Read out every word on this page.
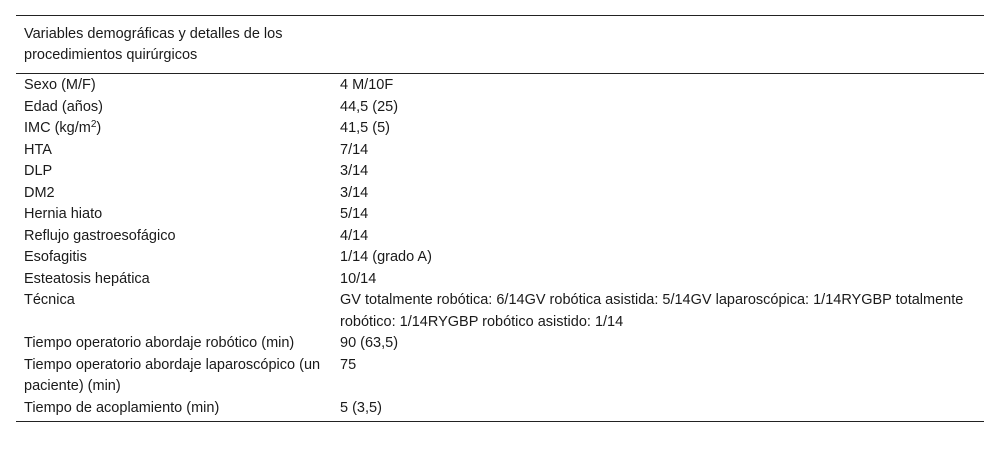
Variables demográficas y detalles de los procedimientos quirúrgicos	
Sexo (M/F)	4 M/10F
Edad (años)	44,5 (25)
IMC $(kg/m^2)$	41,5 (5)
HTA	7/14
DLP	3/14
DM2	3/14
Hernia hiato	5/14
Reflujo gastroesofágico	4/14
Esofagitis	1/14 (grado A)
Esteatosis hepática	10/14
Técnica	GV totalmente robótica: 6/14GV robótica asistida: 5/14GV laparoscópica: 1/14RYGBP totalmente robótico: 1/14RYGBP robótico asistido: 1/14
Tiempo operatorio abordaje robótico (min)	90 (63,5)
Tiempo operatorio abordaje laparoscópico (un paciente) (min)	75
Tiempo de acoplamiento (min)	5 (3,5)
